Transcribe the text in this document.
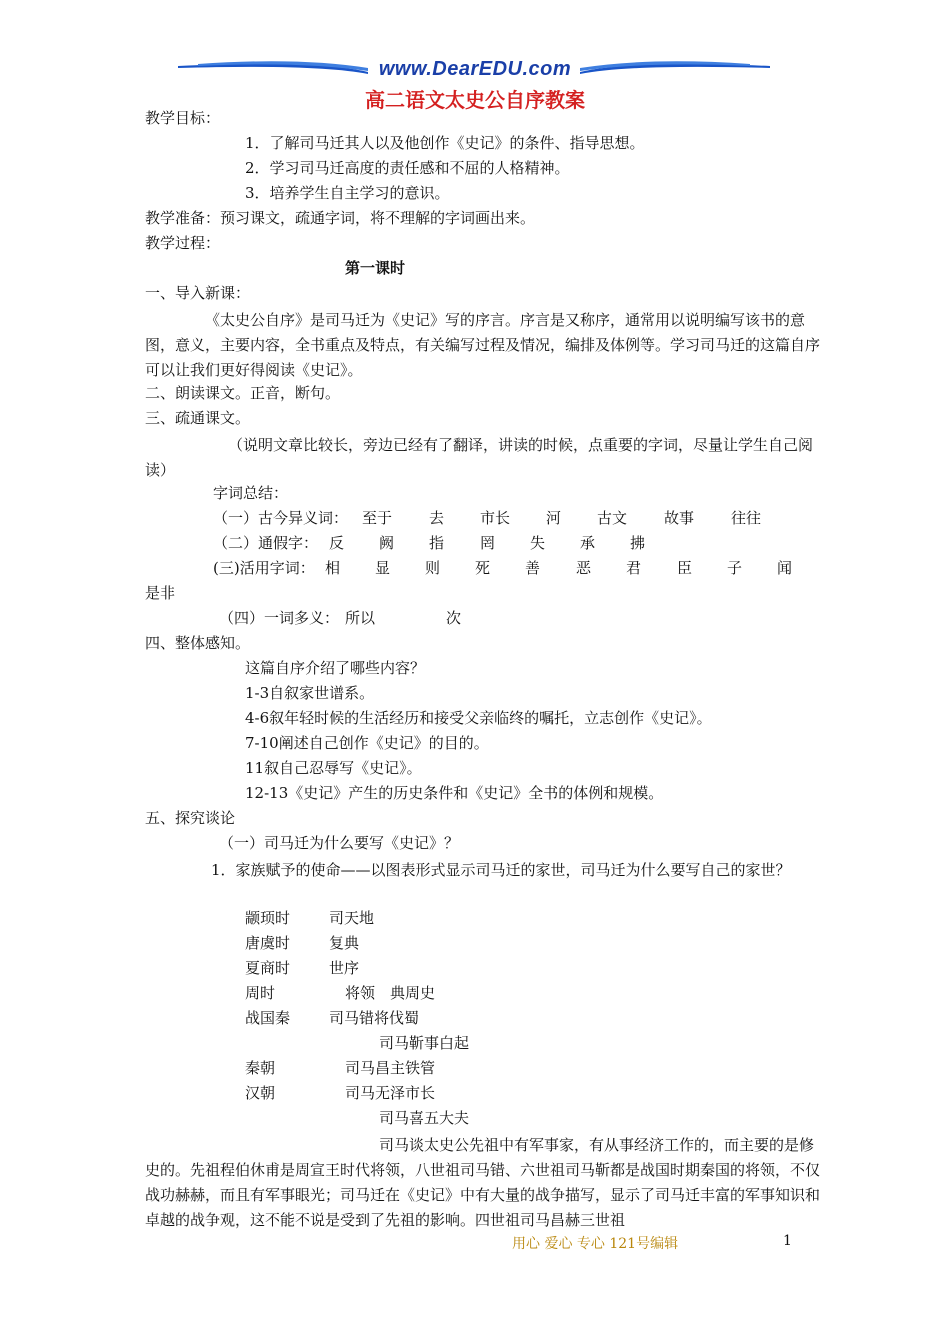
www.DearEDU.com
高二语文太史公自序教案
教学目标：
1．了解司马迁其人以及他创作《史记》的条件、指导思想。
2．学习司马迁高度的责任感和不屈的人格精神。
3．培养学生自主学习的意识。
教学准备：预习课文，疏通字词，将不理解的字词画出来。
教学过程：
第一课时
一、导入新课：
《太史公自序》是司马迁为《史记》写的序言。序言是又称序，通常用以说明编写该书的意图，意义，主要内容，全书重点及特点，有关编写过程及情况，编排及体例等。学习司马迁的这篇自序可以让我们更好得阅读《史记》。
二、朗读课文。正音，断句。
三、疏通课文。
（说明文章比较长，旁边已经有了翻译，讲读的时候，点重要的字词，尽量让学生自己阅读）
字词总结：
（一）古今异义词： 至于 去 市长 河 古文 故事 往往
（二）通假字： 反 阙 指 罔 失 承 拂
(三)活用字词： 相 显 则 死 善 恶 君 臣 子 闻
是非
（四）一词多义： 所以	次
四、整体感知。
这篇自序介绍了哪些内容？
1-3自叙家世谱系。
4-6叙年轻时候的生活经历和接受父亲临终的嘱托，立志创作《史记》。
7-10阐述自己创作《史记》的目的。
11叙自己忍辱写《史记》。
12-13《史记》产生的历史条件和《史记》全书的体例和规模。
五、探究谈论
（一）司马迁为什么要写《史记》？
1．家族赋予的使命——以图表形式显示司马迁的家世，司马迁为什么要写自己的家世？
颛顼时	司天地
唐虞时	复典
夏商时	世序
周时	将领　典周史
战国秦	司马错将伐蜀
司马靳事白起
秦朝	司马昌主铁管
汉朝	司马无泽市长
司马喜五大夫
司马谈太史公先祖中有军事家，有从事经济工作的，而主要的是修史的。先祖程伯休甫是周宣王时代将领，八世祖司马错、六世祖司马靳都是战国时期秦国的将领，不仅战功赫赫，而且有军事眼光；司马迁在《史记》中有大量的战争描写，显示了司马迁丰富的军事知识和卓越的战争观，这不能不说是受到了先祖的影响。四世祖司马昌赫三世祖
用心 爱心 专心 121号编辑	1
